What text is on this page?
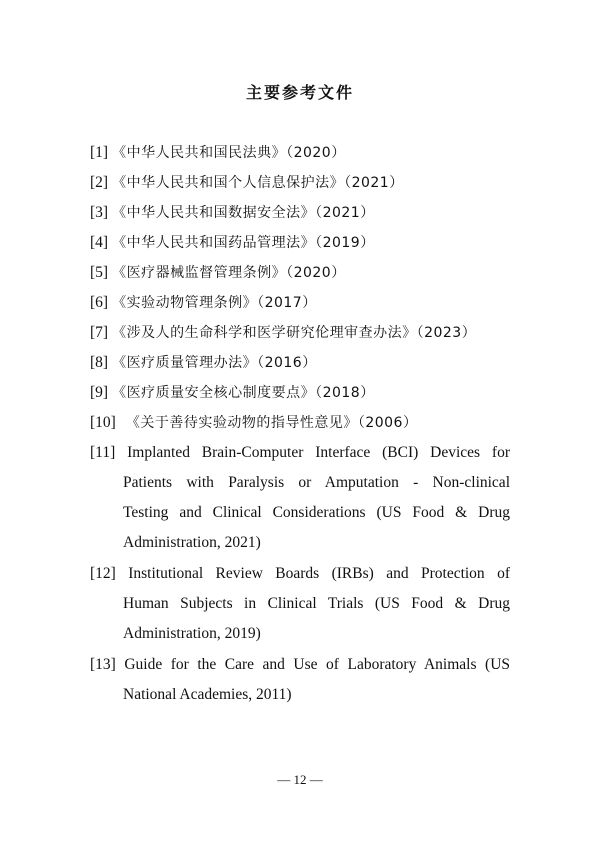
主要参考文件
[1] 《中华人民共和国民法典》（2020）
[2] 《中华人民共和国个人信息保护法》（2021）
[3] 《中华人民共和国数据安全法》（2021）
[4] 《中华人民共和国药品管理法》（2019）
[5] 《医疗器械监督管理条例》（2020）
[6] 《实验动物管理条例》（2017）
[7] 《涉及人的生命科学和医学研究伦理审查办法》（2023）
[8] 《医疗质量管理办法》（2016）
[9] 《医疗质量安全核心制度要点》（2018）
[10] 《关于善待实验动物的指导性意见》（2006）
[11] Implanted Brain-Computer Interface (BCI) Devices for
Patients with Paralysis or Amputation - Non-clinical
Testing and Clinical Considerations (US Food & Drug
Administration, 2021)
[12] Institutional Review Boards (IRBs) and Protection of
Human Subjects in Clinical Trials (US Food & Drug
Administration, 2019)
[13] Guide for the Care and Use of Laboratory Animals (US
National Academies, 2011)
— 12 —
